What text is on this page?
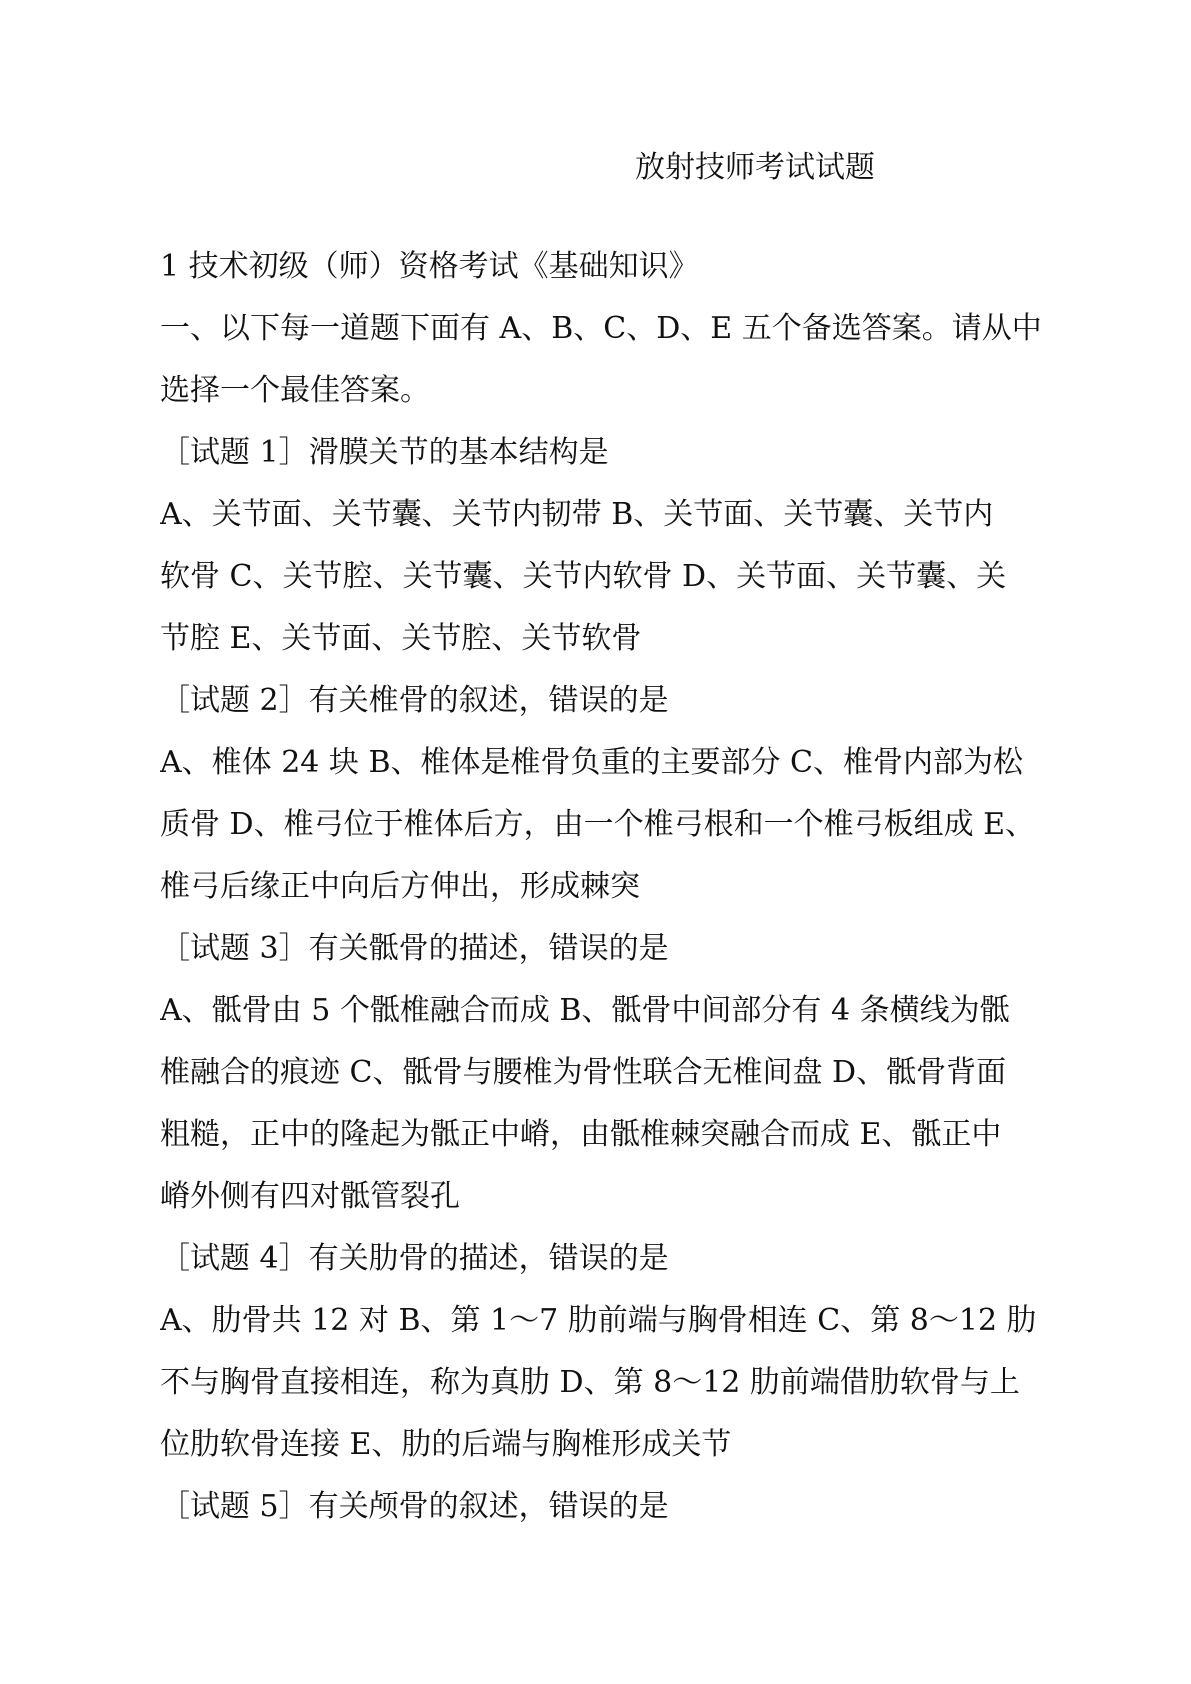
放射技师考试试题
1 技术初级（师）资格考试《基础知识》
一、以下每一道题下面有 A、B、C、D、E 五个备选答案。请从中
选择一个最佳答案。
［试题 1］滑膜关节的基本结构是
A、关节面、关节囊、关节内韧带 B、关节面、关节囊、关节内
软骨 C、关节腔、关节囊、关节内软骨 D、关节面、关节囊、关
节腔 E、关节面、关节腔、关节软骨
［试题 2］有关椎骨的叙述，错误的是
A、椎体 24 块 B、椎体是椎骨负重的主要部分 C、椎骨内部为松
质骨 D、椎弓位于椎体后方，由一个椎弓根和一个椎弓板组成 E、
椎弓后缘正中向后方伸出，形成棘突
［试题 3］有关骶骨的描述，错误的是
A、骶骨由 5 个骶椎融合而成 B、骶骨中间部分有 4 条横线为骶
椎融合的痕迹 C、骶骨与腰椎为骨性联合无椎间盘 D、骶骨背面
粗糙，正中的隆起为骶正中嵴，由骶椎棘突融合而成 E、骶正中
嵴外侧有四对骶管裂孔
［试题 4］有关肋骨的描述，错误的是
A、肋骨共 12 对 B、第 1～7 肋前端与胸骨相连 C、第 8～12 肋
不与胸骨直接相连，称为真肋 D、第 8～12 肋前端借肋软骨与上
位肋软骨连接 E、肋的后端与胸椎形成关节
［试题 5］有关颅骨的叙述，错误的是
